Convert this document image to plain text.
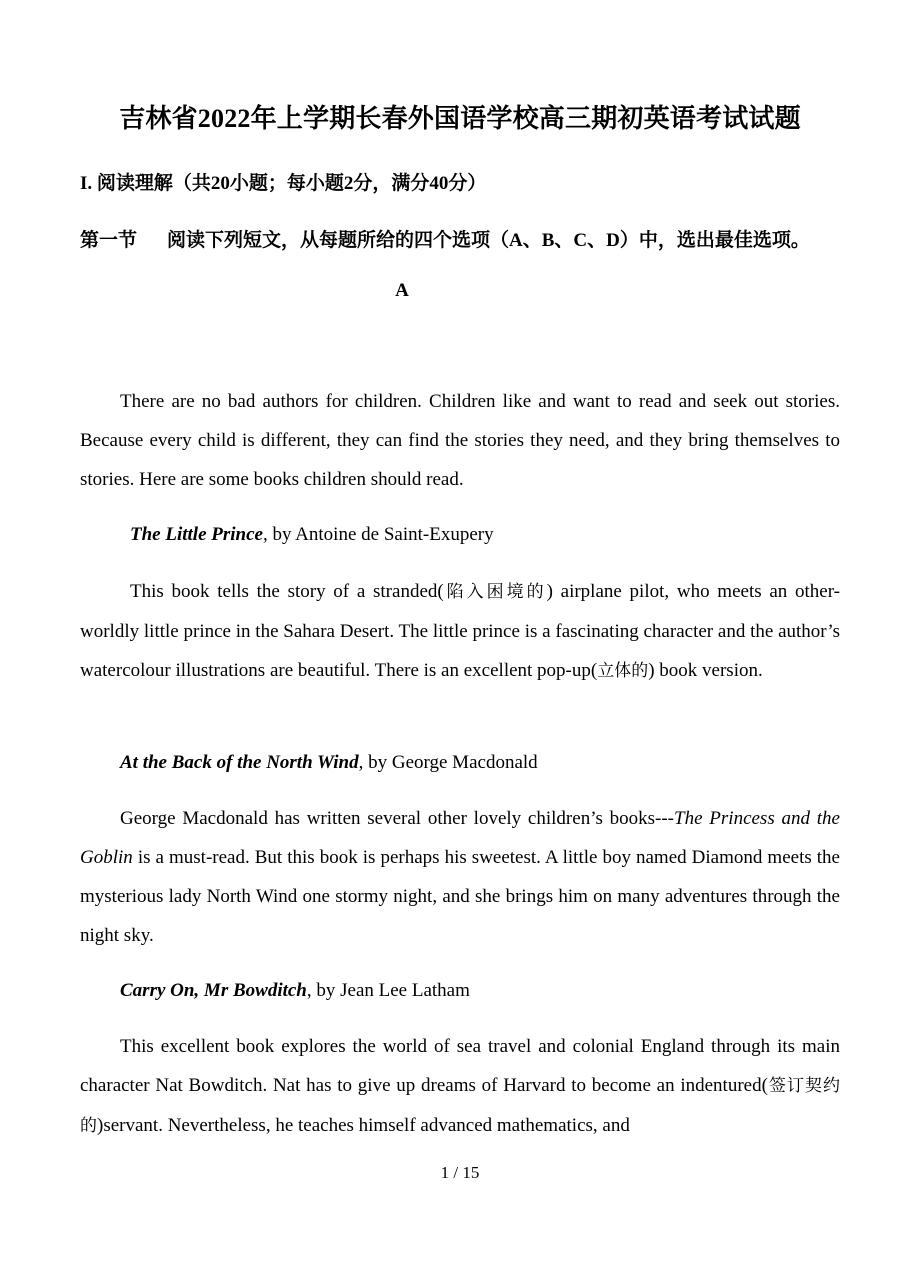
吉林省2022年上学期长春外国语学校高三期初英语考试试题
I. 阅读理解（共20小题；每小题2分，满分40分）
第一节 阅读下列短文，从每题所给的四个选项（A、B、C、D）中，选出最佳选项。
A
There are no bad authors for children. Children like and want to read and seek out stories. Because every child is different, they can find the stories they need, and they bring themselves to stories. Here are some books children should read.
The Little Prince, by Antoine de Saint-Exupery
This book tells the story of a stranded(陷入困境的) airplane pilot, who meets an other-worldly little prince in the Sahara Desert. The little prince is a fascinating character and the author’s watercolour illustrations are beautiful. There is an excellent pop-up(立体的) book version.
At the Back of the North Wind, by George Macdonald
George Macdonald has written several other lovely children’s books---The Princess and the Goblin is a must-read. But this book is perhaps his sweetest. A little boy named Diamond meets the mysterious lady North Wind one stormy night, and she brings him on many adventures through the night sky.
Carry On, Mr Bowditch, by Jean Lee Latham
This excellent book explores the world of sea travel and colonial England through its main character Nat Bowditch. Nat has to give up dreams of Harvard to become an indentured(签订契约的)servant. Nevertheless, he teaches himself advanced mathematics, and
1 / 15
